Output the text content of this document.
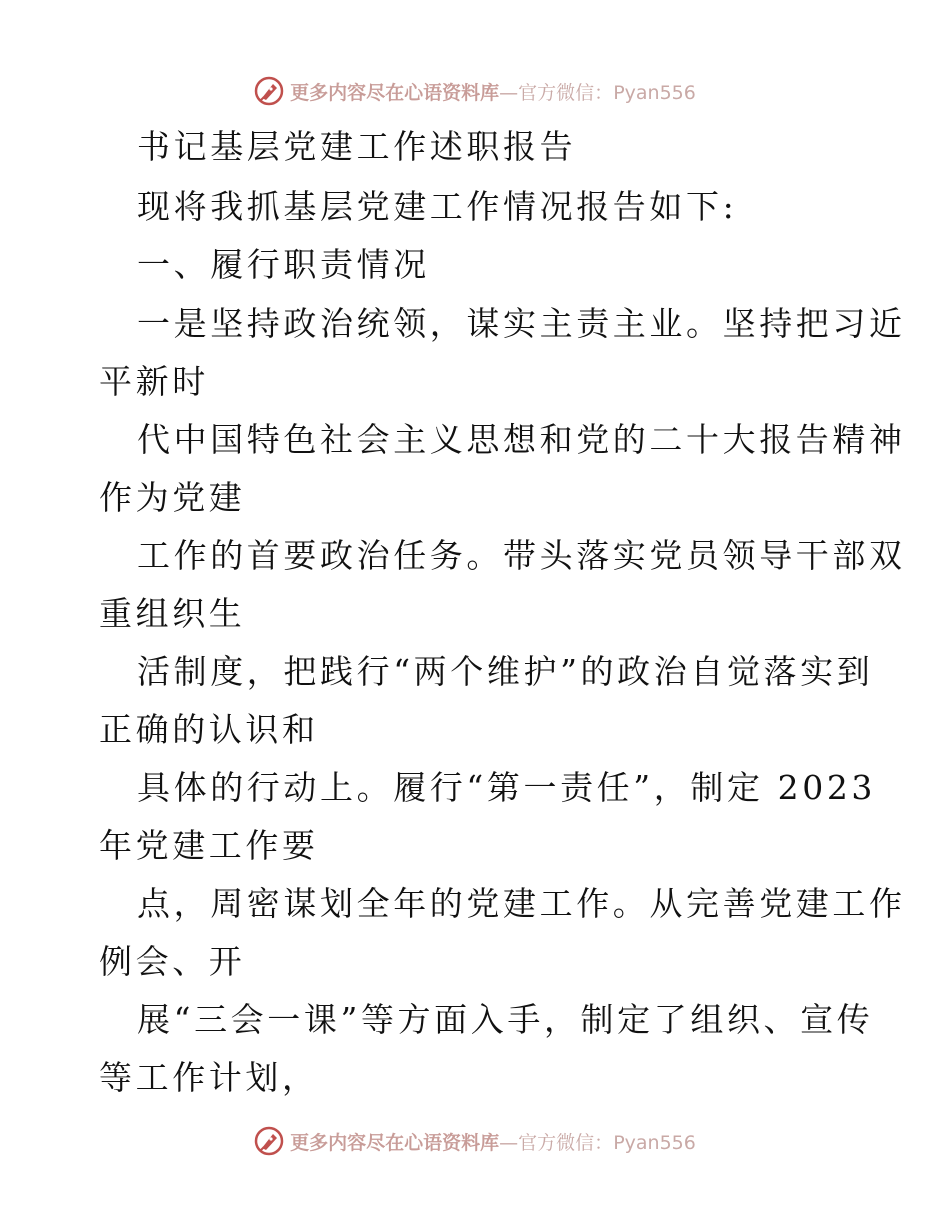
更多内容尽在心语资料库—官方微信：Pyan556
书记基层党建工作述职报告
现将我抓基层党建工作情况报告如下:
一、履行职责情况
一是坚持政治统领，谋实主责主业。坚持把习近
平新时
代中国特色社会主义思想和党的二十大报告精神
作为党建
工作的首要政治任务。带头落实党员领导干部双
重组织生
活制度，把践行“两个维护”的政治自觉落实到
正确的认识和
具体的行动上。履行“第一责任”，制定 2023
年党建工作要
点，周密谋划全年的党建工作。从完善党建工作
例会、开
展“三会一课”等方面入手，制定了组织、宣传
等工作计划，
更多内容尽在心语资料库—官方微信：Pyan556
